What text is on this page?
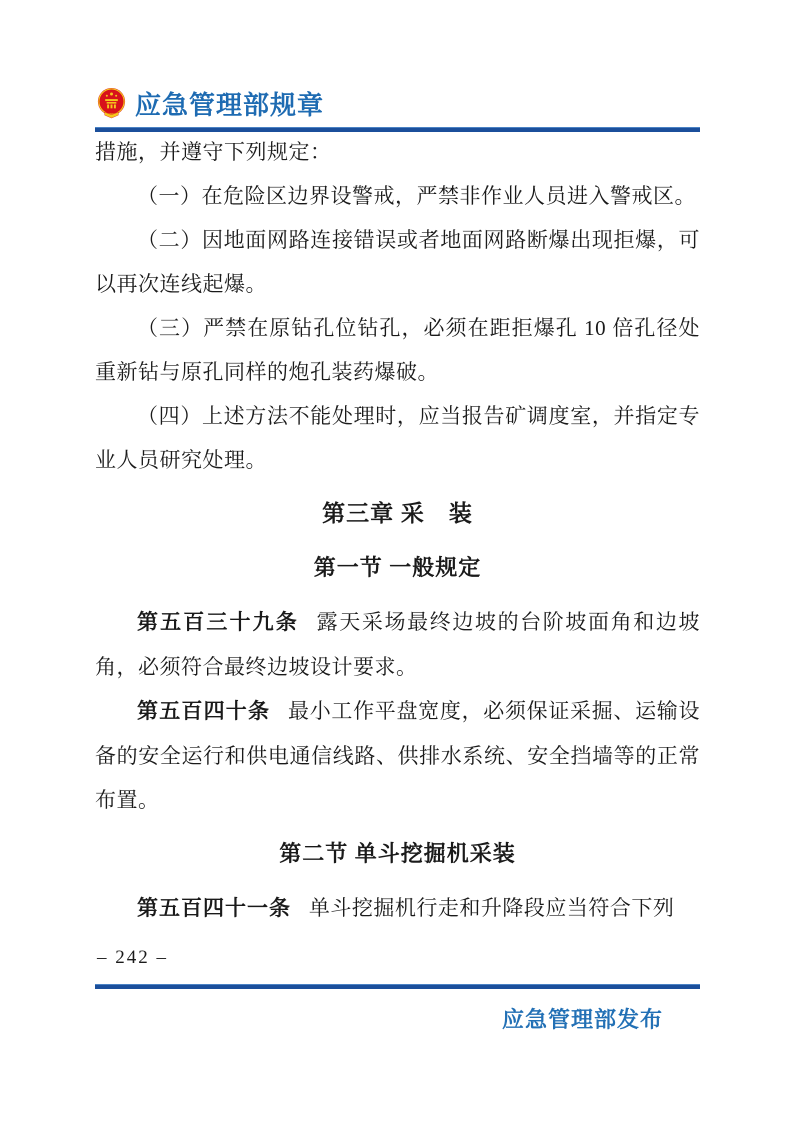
应急管理部规章

措施，并遵守下列规定：

（一）在危险区边界设警戒，严禁非作业人员进入警戒区。

（二）因地面网路连接错误或者地面网路断爆出现拒爆，可以再次连线起爆。

（三）严禁在原钻孔位钻孔，必须在距拒爆孔 10 倍孔径处重新钻与原孔同样的炮孔装药爆破。

（四）上述方法不能处理时，应当报告矿调度室，并指定专业人员研究处理。

第三章 采　装
第一节 一般规定

第五百三十九条 露天采场最终边坡的台阶坡面角和边坡角，必须符合最终边坡设计要求。

第五百四十条 最小工作平盘宽度，必须保证采掘、运输设备的安全运行和供电通信线路、供排水系统、安全挡墙等的正常布置。

第二节 单斗挖掘机采装

第五百四十一条 单斗挖掘机行走和升降段应当符合下列

– 242 –
应急管理部发布
